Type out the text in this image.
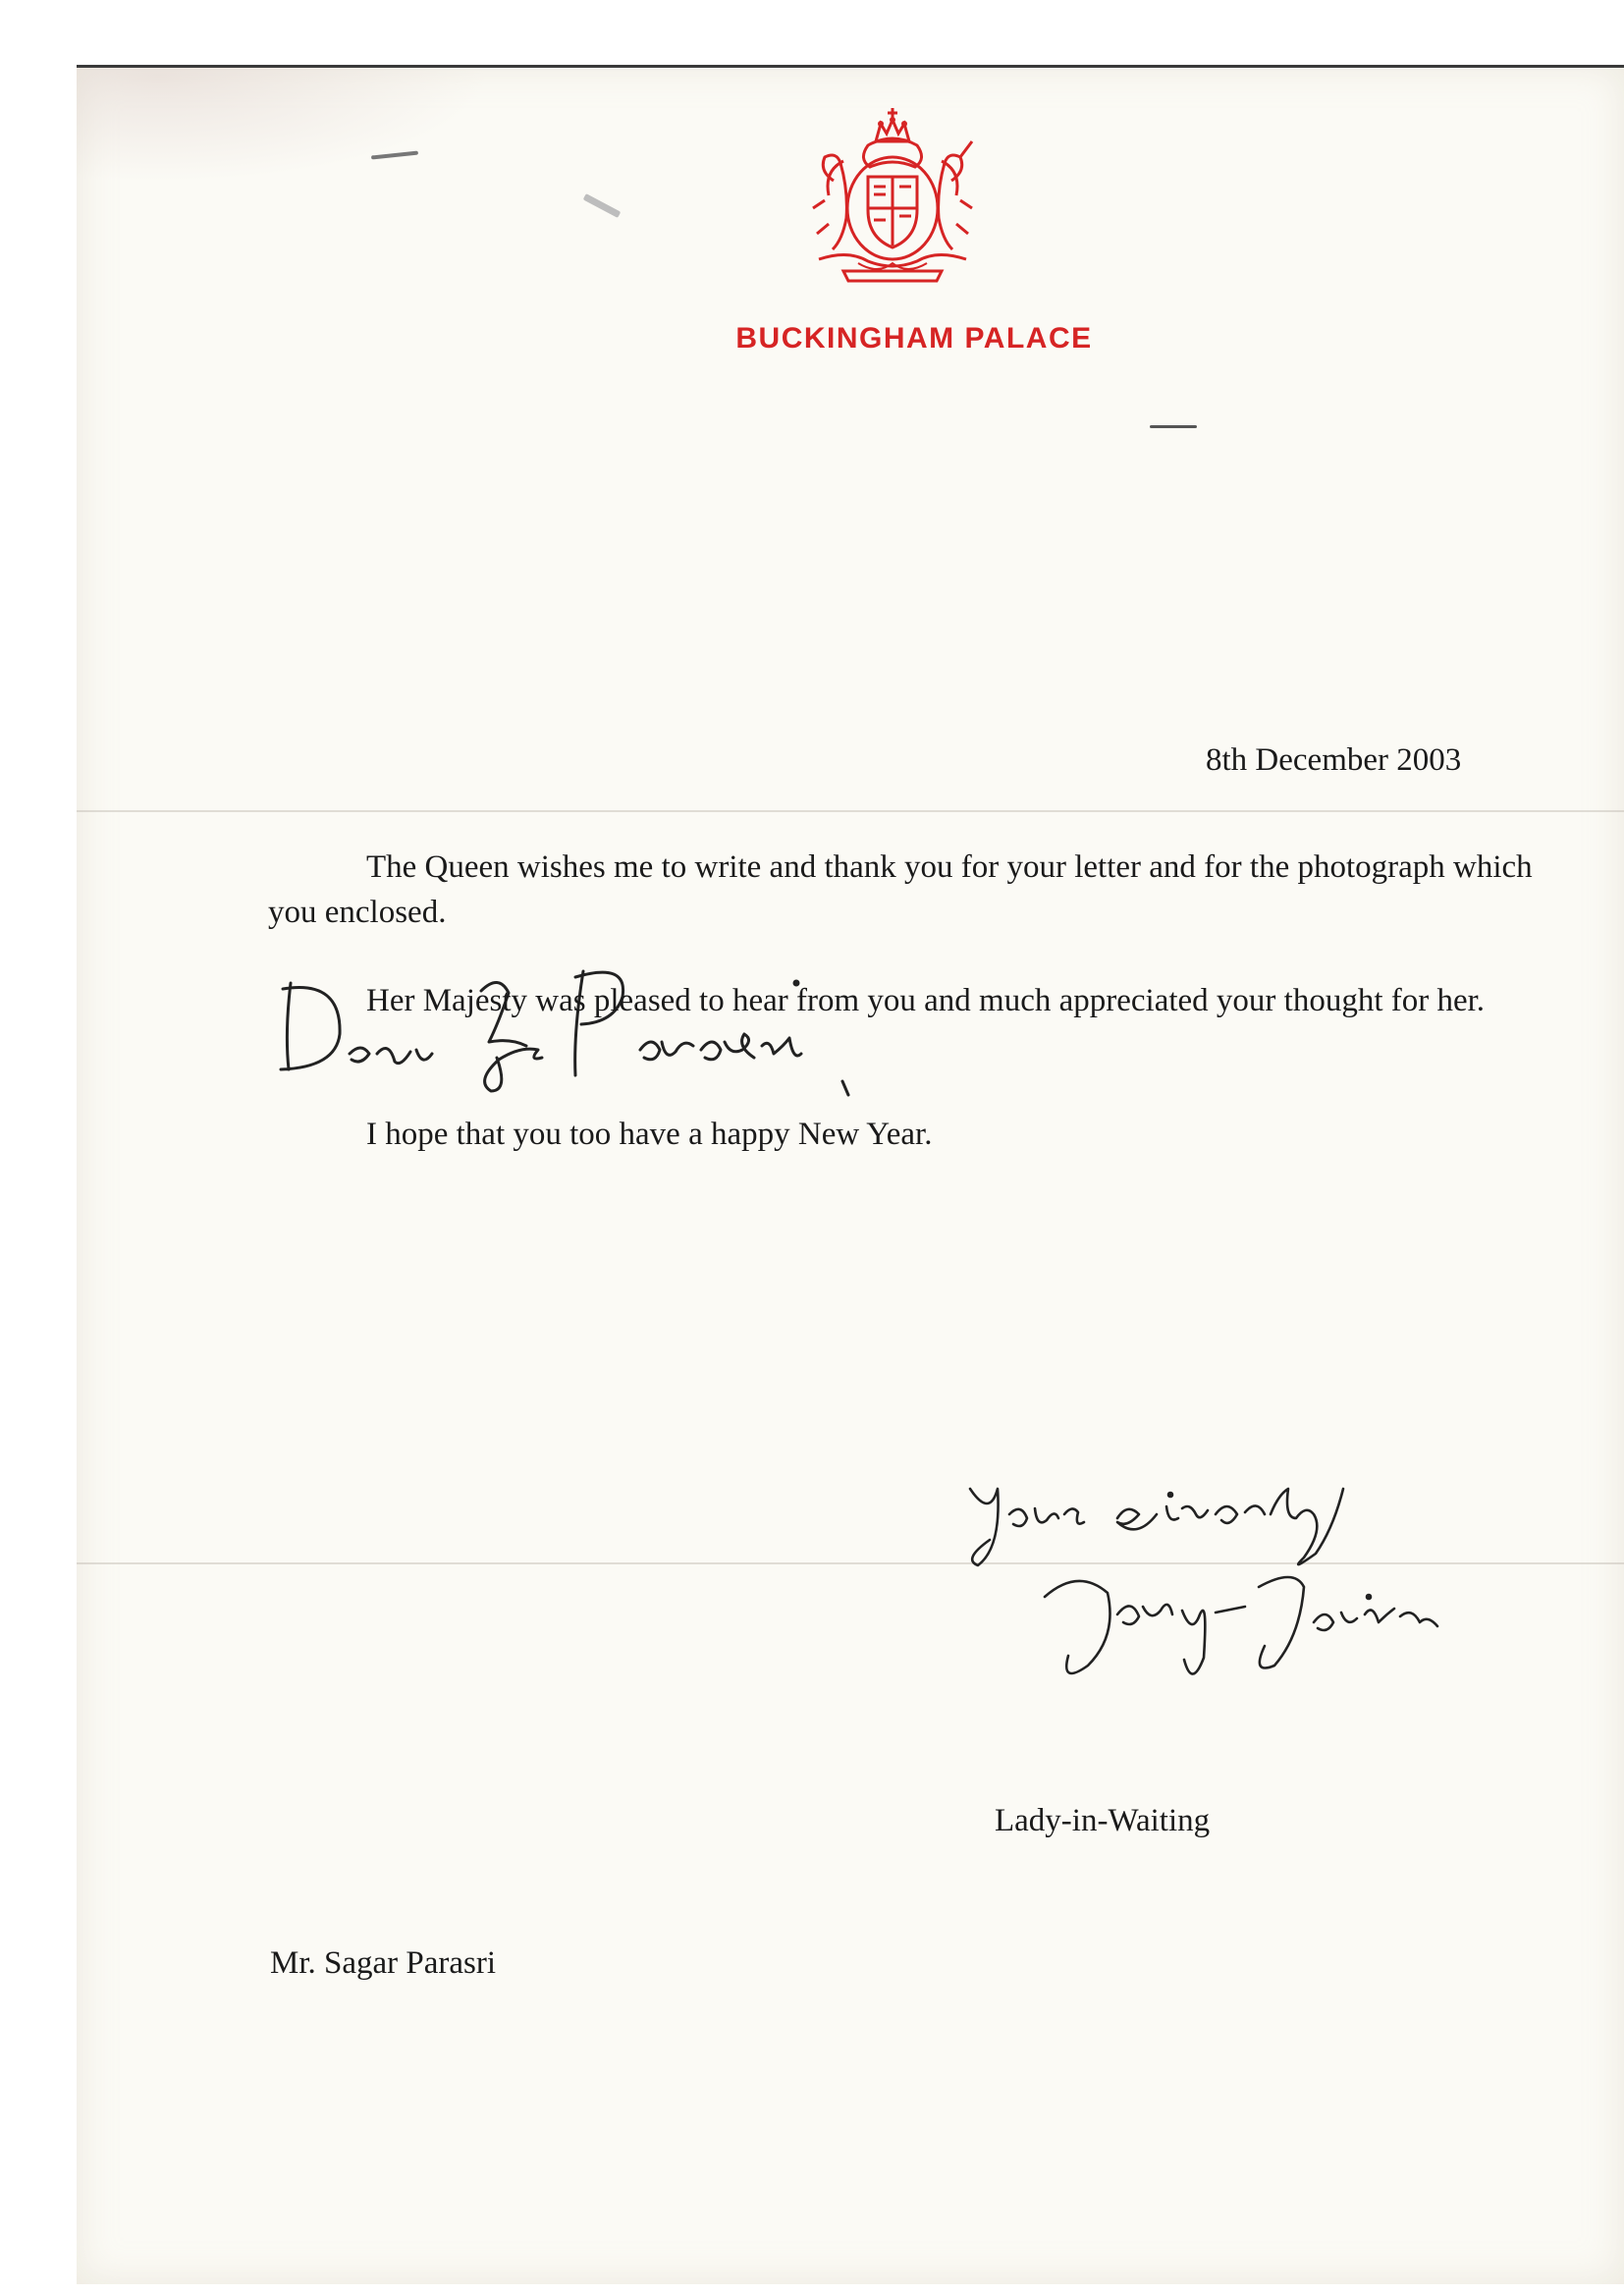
BUCKINGHAM PALACE
8th December 2003
The Queen wishes me to write and thank you for your letter and for the photograph which you enclosed.
Her Majesty was pleased to hear from you and much appreciated your thought for her.
I hope that you too have a happy New Year.
Lady-in-Waiting
Mr. Sagar Parasri
